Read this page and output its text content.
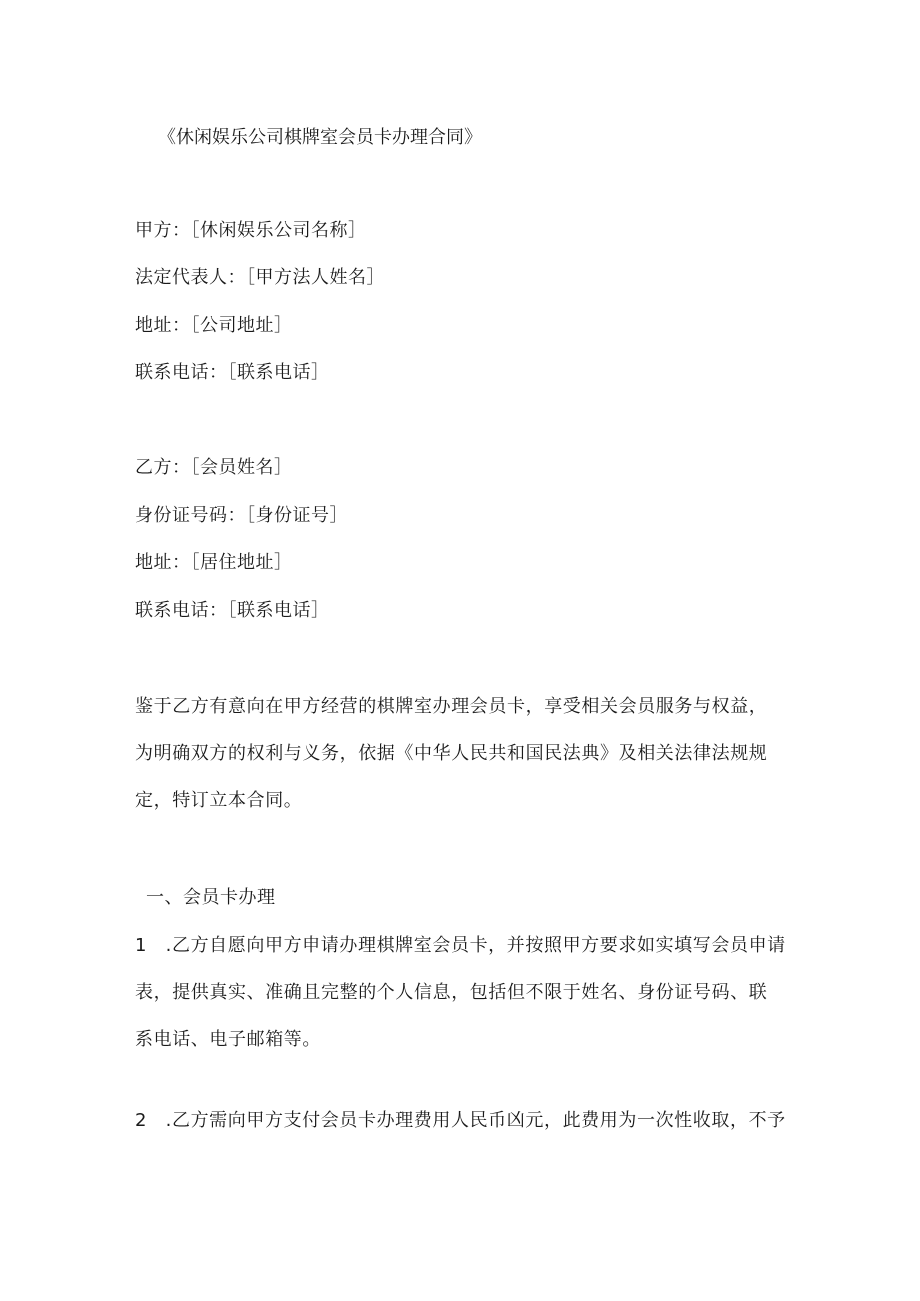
《休闲娱乐公司棋牌室会员卡办理合同》
甲方：［休闲娱乐公司名称］
法定代表人：［甲方法人姓名］
地址：［公司地址］
联系电话：［联系电话］
乙方：［会员姓名］
身份证号码：［身份证号］
地址：［居住地址］
联系电话：［联系电话］
鉴于乙方有意向在甲方经营的棋牌室办理会员卡，享受相关会员服务与权益，
为明确双方的权利与义务，依据《中华人民共和国民法典》及相关法律法规规
定，特订立本合同。
一、会员卡办理
1　.乙方自愿向甲方申请办理棋牌室会员卡，并按照甲方要求如实填写会员申请
表，提供真实、准确且完整的个人信息，包括但不限于姓名、身份证号码、联
系电话、电子邮箱等。
2　.乙方需向甲方支付会员卡办理费用人民币凶元，此费用为一次性收取，不予
